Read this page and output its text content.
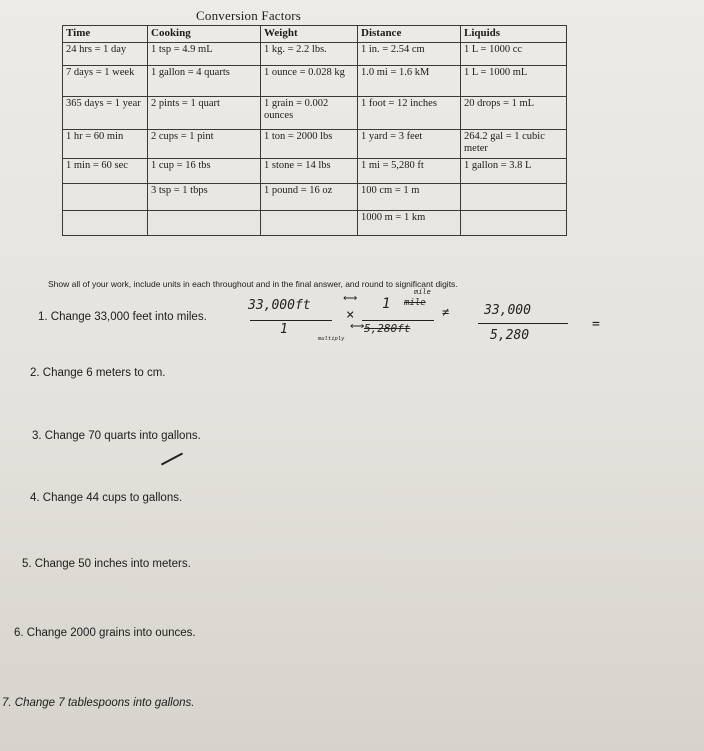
Conversion Factors
Time	Cooking	Weight	Distance	Liquids
24 hrs = 1 day	1 tsp = 4.9 mL	1 kg. = 2.2 lbs.	1 in. = 2.54 cm	1 L = 1000 cc
7 days = 1 week	1 gallon = 4 quarts	1 ounce = 0.028 kg	1.0 mi = 1.6 kM	1 L = 1000 mL
365 days = 1 year	2 pints = 1 quart	1 grain = 0.002 ounces	1 foot = 12 inches	20 drops = 1 mL
1 hr = 60 min	2 cups = 1 pint	1 ton = 2000 lbs	1 yard = 3 feet	264.2 gal = 1 cubic meter
1 min = 60 sec	1 cup = 16 tbs	1 stone = 14 lbs	1 mi = 5,280 ft	1 gallon = 3.8 L
	3 tsp = 1 tbps	1 pound = 16 oz	100 cm = 1 m	
			1000 m = 1 km	
Show all of your work, include units in each throughout and in the final answer, and round to significant digits.
1. Change 33,000 feet into miles.
2. Change 6 meters to cm.
3. Change 70 quarts into gallons.
4. Change 44 cups to gallons.
5. Change 50 inches into meters.
6. Change 2000 grains into ounces.
7. Change 7 tablespoons into gallons.
33,000ft
1
×
1
mile
mile
5,280ft
multiply
⟷
⟷
≠	33,000
5,280
=
